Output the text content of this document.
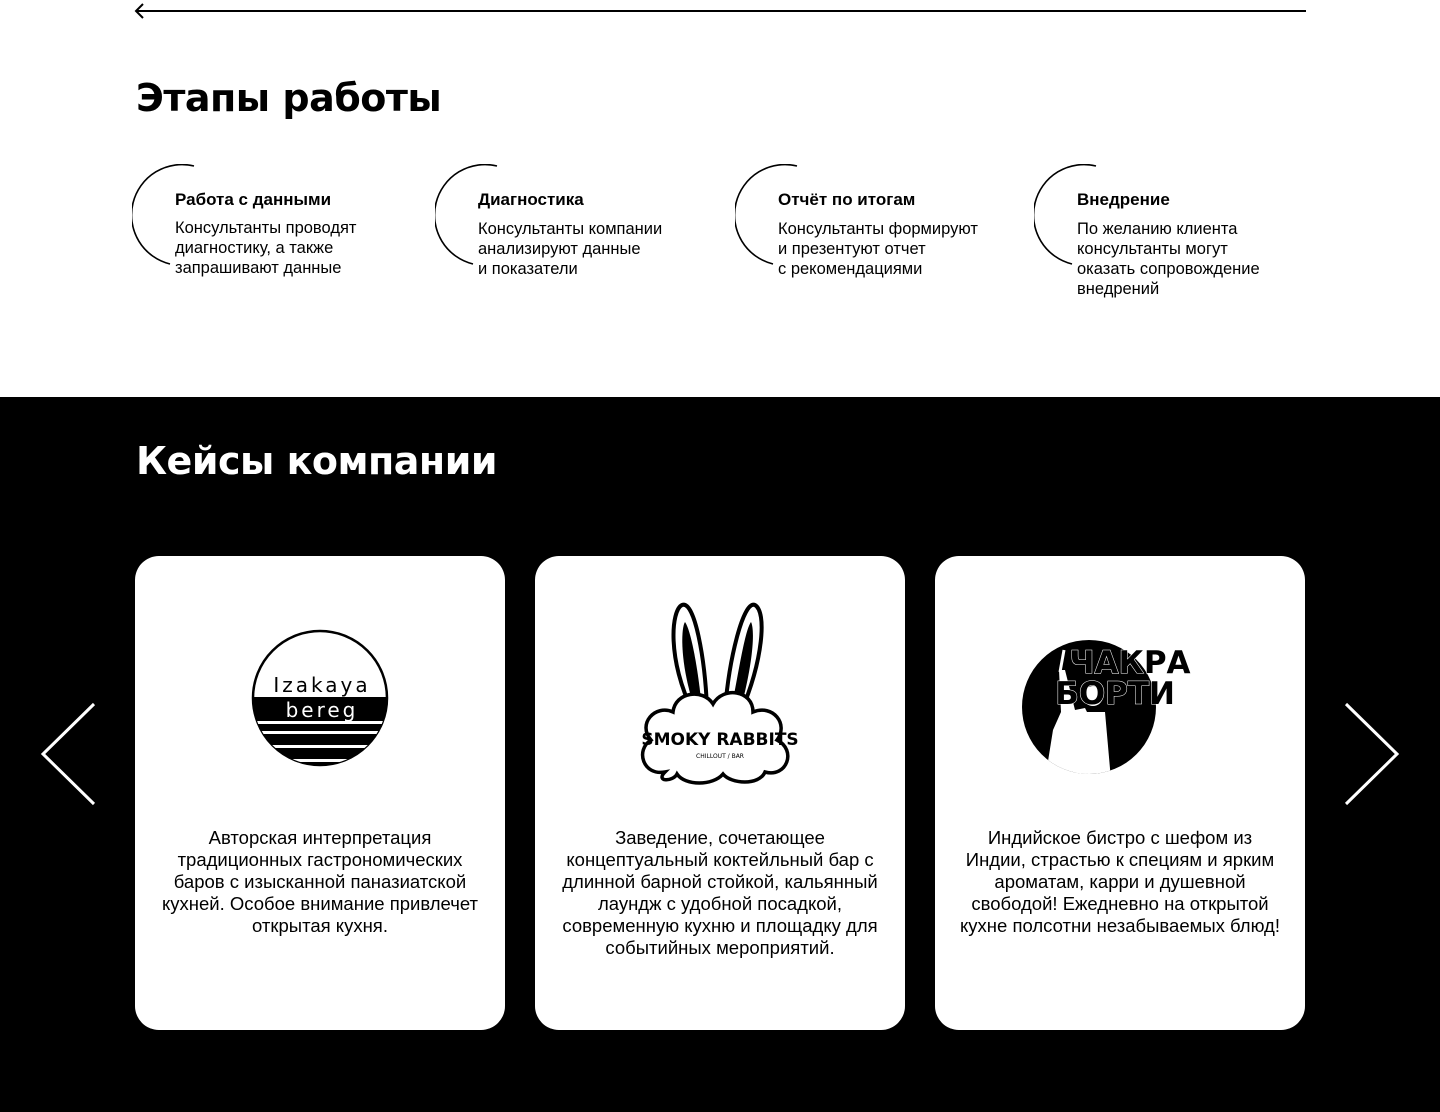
Этапы работы
Работа с данными

Консультанты проводят
диагностику, а также
запрашивают данные

Диагностика

Консультанты компании
анализируют данные
и показатели

Отчёт по итогам

Консультанты формируют
и презентуют отчет
с рекомендациями

Внедрение

По желанию клиента
консультанты могут
оказать сопровождение
внедрений

Кейсы компании
Izakaya
bereg

Авторская интерпретация традиционных гастрономических баров с изысканной паназиатской кухней. Особое внимание привлечет открытая кухня.

SMOKY RABBITS
CHILLOUT / BAR

Заведение, сочетающее концептуальный коктейльный бар с длинной барной стойкой, кальянный лаундж с удобной посадкой, современную кухню и площадку для событийных мероприятий.

ЧАКРА
БОРТИ

Индийское бистро с шефом из Индии, страстью к специям и ярким ароматам, карри и душевной свободой! Ежедневно на открытой кухне полсотни незабываемых блюд!
